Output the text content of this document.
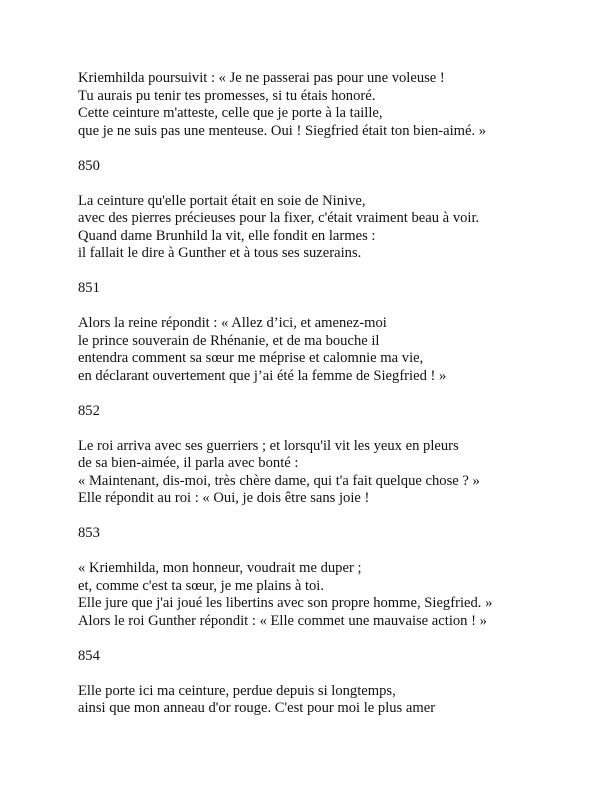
Kriemhilda poursuivit : « Je ne passerai pas pour une voleuse !
Tu aurais pu tenir tes promesses, si tu étais honoré.
Cette ceinture m'atteste, celle que je porte à la taille,
que je ne suis pas une menteuse. Oui ! Siegfried était ton bien-aimé. »
850
La ceinture qu'elle portait était en soie de Ninive,
avec des pierres précieuses pour la fixer, c'était vraiment beau à voir.
Quand dame Brunhild la vit, elle fondit en larmes :
il fallait le dire à Gunther et à tous ses suzerains.
851
Alors la reine répondit : « Allez d’ici, et amenez-moi
le prince souverain de Rhénanie, et de ma bouche il
entendra comment sa sœur me méprise et calomnie ma vie,
en déclarant ouvertement que j’ai été la femme de Siegfried ! »
852
Le roi arriva avec ses guerriers ; et lorsqu'il vit les yeux en pleurs
de sa bien-aimée, il parla avec bonté :
« Maintenant, dis-moi, très chère dame, qui t'a fait quelque chose ? »
Elle répondit au roi : « Oui, je dois être sans joie !
853
« Kriemhilda, mon honneur, voudrait me duper ;
et, comme c'est ta sœur, je me plains à toi.
Elle jure que j'ai joué les libertins avec son propre homme, Siegfried. »
Alors le roi Gunther répondit : « Elle commet une mauvaise action ! »
854
Elle porte ici ma ceinture, perdue depuis si longtemps,
ainsi que mon anneau d'or rouge. C'est pour moi le plus amer
